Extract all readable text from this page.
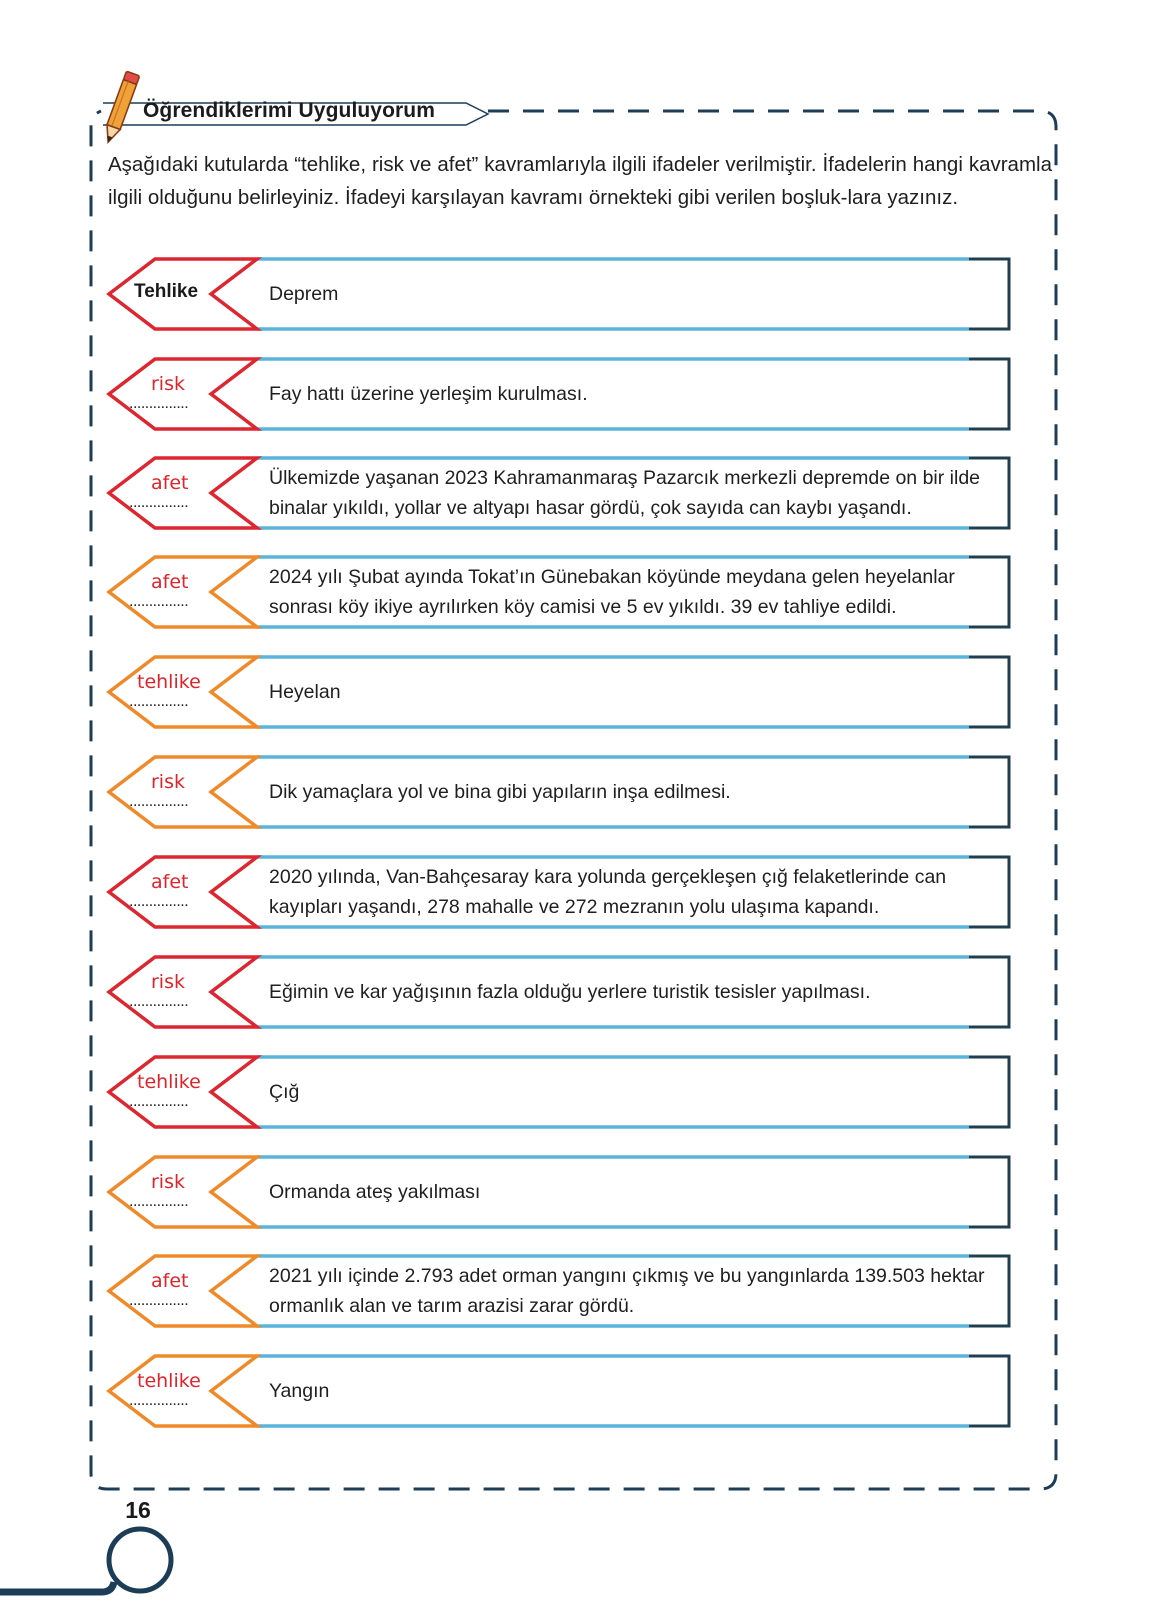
Öğrendiklerimi Uyguluyorum
Aşağıdaki kutularda “tehlike, risk ve afet” kavramlarıyla ilgili ifadeler verilmiştir. İfadelerin hangi kavramla ilgili olduğunu belirleyiniz. İfadeyi karşılayan kavramı örnekteki gibi verilen boşluk-lara yazınız.
Tehlike	Deprem
...............
risk	Fay hattı üzerine yerleşim kurulması.
...............
afet	Ülkemizde yaşanan 2023 Kahramanmaraş Pazarcık merkezli depremde on bir ilde binalar yıkıldı, yollar ve altyapı hasar gördü, çok sayıda can kaybı yaşandı.
...............
afet	2024 yılı Şubat ayında Tokat’ın Günebakan köyünde meydana gelen heyelanlar sonrası köy ikiye ayrılırken köy camisi ve 5 ev yıkıldı. 39 ev tahliye edildi.
...............
tehlike	Heyelan
...............
risk	Dik yamaçlara yol ve bina gibi yapıların inşa edilmesi.
...............
afet	2020 yılında, Van-Bahçesaray kara yolunda gerçekleşen çığ felaketlerinde can kayıpları yaşandı, 278 mahalle ve 272 mezranın yolu ulaşıma kapandı.
...............
risk	Eğimin ve kar yağışının fazla olduğu yerlere turistik tesisler yapılması.
...............
tehlike	Çığ
...............
risk	Ormanda ateş yakılması
...............
afet	2021 yılı içinde 2.793 adet orman yangını çıkmış ve bu yangınlarda 139.503 hektar ormanlık alan ve tarım arazisi zarar gördü.
...............
tehlike	Yangın
16
